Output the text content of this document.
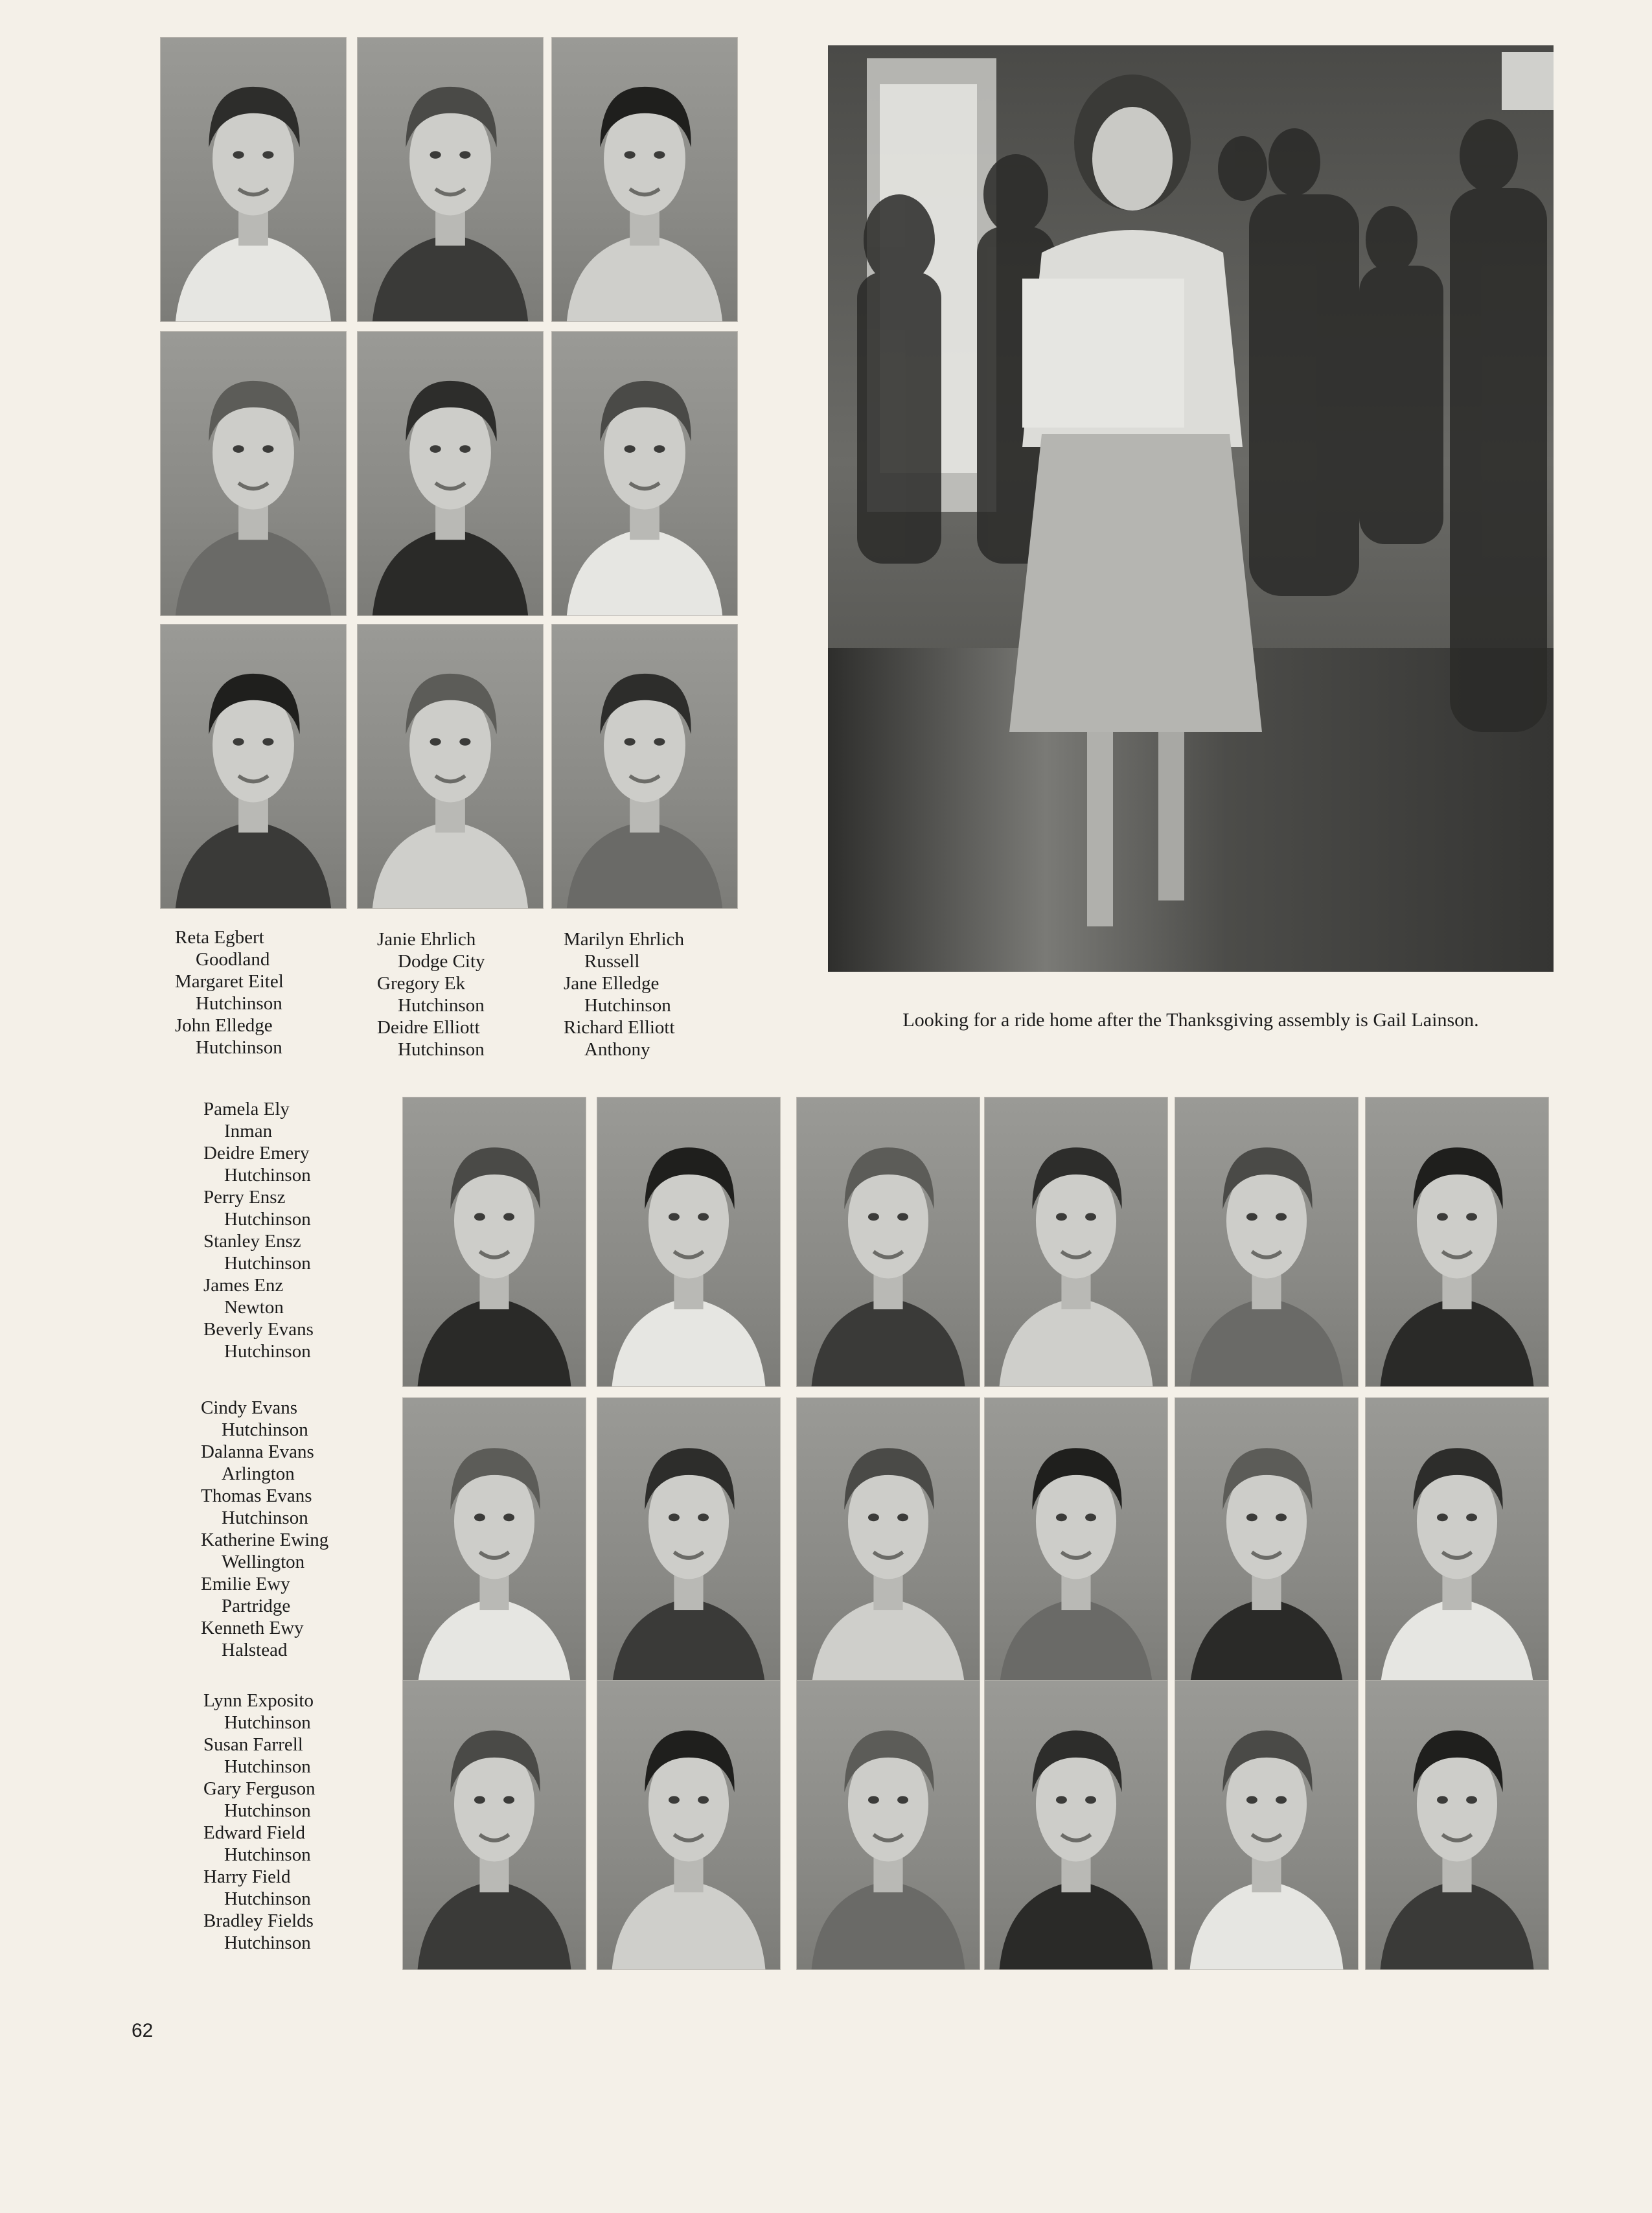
Reta Egbert
Goodland
Margaret Eitel
Hutchinson
John Elledge
Hutchinson
Janie Ehrlich
Dodge City
Gregory Ek
Hutchinson
Deidre Elliott
Hutchinson
Marilyn Ehrlich
Russell
Jane Elledge
Hutchinson
Richard Elliott
Anthony
Looking for a ride home after the Thanksgiving assembly is Gail Lainson.
Pamela Ely
Inman
Deidre Emery
Hutchinson
Perry Ensz
Hutchinson
Stanley Ensz
Hutchinson
James Enz
Newton
Beverly Evans
Hutchinson
Cindy Evans
Hutchinson
Dalanna Evans
Arlington
Thomas Evans
Hutchinson
Katherine Ewing
Wellington
Emilie Ewy
Partridge
Kenneth Ewy
Halstead
Lynn Exposito
Hutchinson
Susan Farrell
Hutchinson
Gary Ferguson
Hutchinson
Edward Field
Hutchinson
Harry Field
Hutchinson
Bradley Fields
Hutchinson
62
